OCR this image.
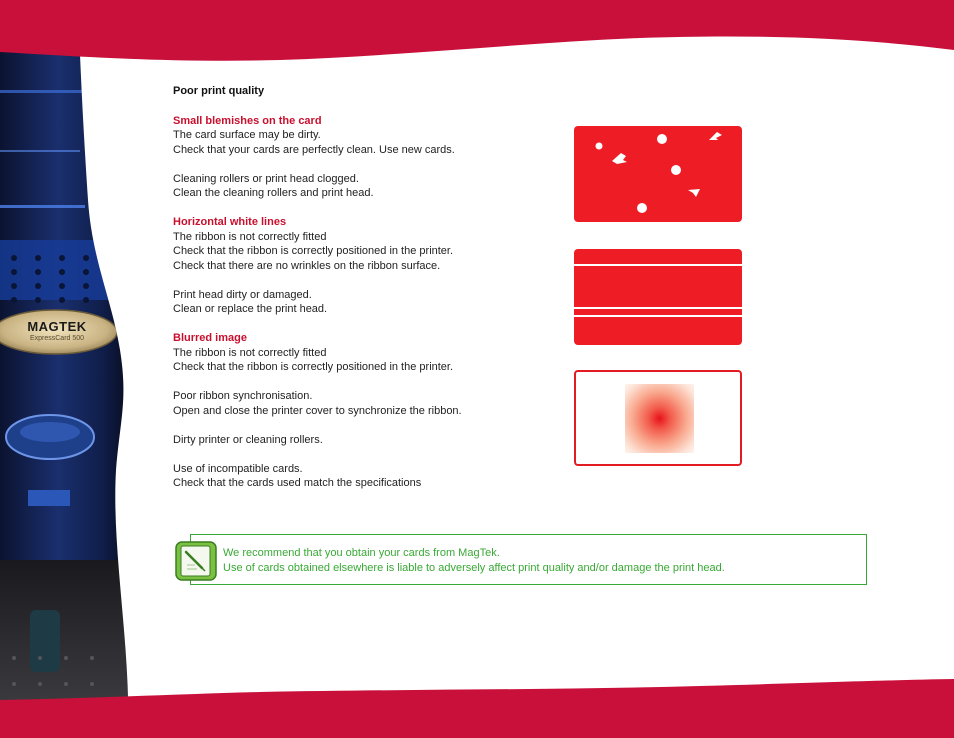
MAGTEK
ExpressCard 500
Poor print quality
Small blemishes on the card
The card surface may be dirty.
Check that your cards are perfectly clean. Use new cards.
Cleaning rollers or print head clogged.
Clean the cleaning rollers and print head.
Horizontal white lines
The ribbon is not correctly fitted
Check that the ribbon is correctly positioned in the printer.
Check that there are no wrinkles on the ribbon surface.
Print head dirty or damaged.
Clean or replace the print head.
Blurred image
The ribbon is not correctly fitted
Check that the ribbon is correctly positioned in the printer.
Poor ribbon synchronisation.
Open and close the printer cover to synchronize the ribbon.
Dirty printer or cleaning rollers.
Use of incompatible cards.
Check that the cards used match the specifications
We recommend that you obtain your cards from MagTek.
Use of cards obtained elsewhere is liable to adversely affect print quality and/or damage the print head.
